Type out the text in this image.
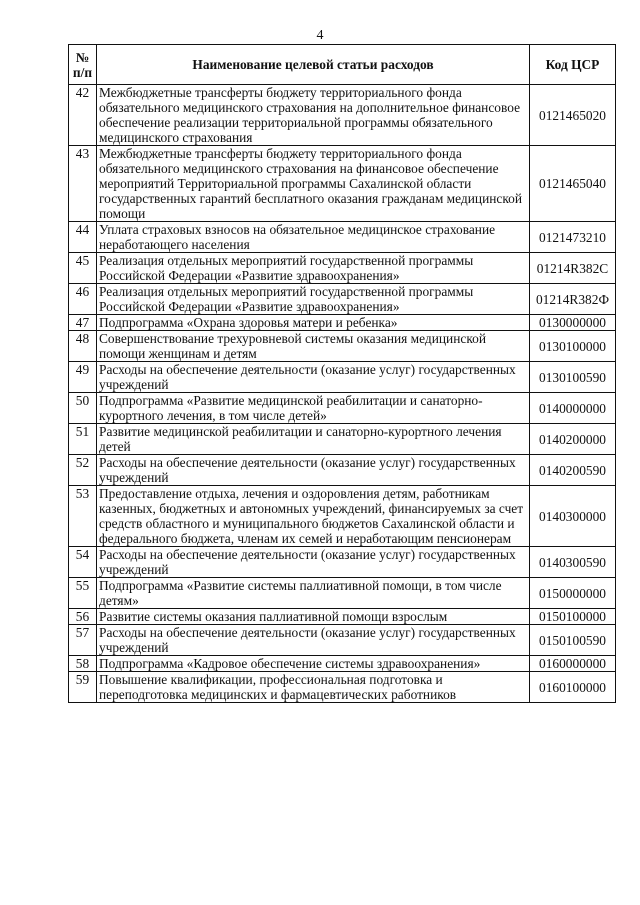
4
№ п/п	Наименование целевой статьи расходов	Код ЦСР
42	Межбюджетные трансферты бюджету территориального фонда обязательного медицинского страхования на дополнительное финансовое обеспечение реализации территориальной программы обязательного медицинского страхования	0121465020
43	Межбюджетные трансферты бюджету территориального фонда обязательного медицинского страхования на финансовое обеспечение мероприятий Территориальной программы Сахалинской области государственных гарантий бесплатного оказания гражданам медицинской помощи	0121465040
44	Уплата страховых взносов на обязательное медицинское страхование неработающего населения	0121473210
45	Реализация отдельных мероприятий государственной программы Российской Федерации «Развитие здравоохранения»	01214R382C
46	Реализация отдельных мероприятий государственной программы Российской Федерации «Развитие здравоохранения»	01214R382Ф
47	Подпрограмма «Охрана здоровья матери и ребенка»	0130000000
48	Совершенствование трехуровневой системы оказания медицинской помощи женщинам и детям	0130100000
49	Расходы на обеспечение деятельности (оказание услуг) государственных учреждений	0130100590
50	Подпрограмма «Развитие медицинской реабилитации и санаторно-курортного лечения, в том числе детей»	0140000000
51	Развитие медицинской реабилитации и санаторно-курортного лечения детей	0140200000
52	Расходы на обеспечение деятельности (оказание услуг) государственных учреждений	0140200590
53	Предоставление отдыха, лечения и оздоровления детям, работникам казенных, бюджетных и автономных учреждений, финансируемых за счет средств областного и муниципального бюджетов Сахалинской области и федерального бюджета, членам их семей и неработающим пенсионерам	0140300000
54	Расходы на обеспечение деятельности (оказание услуг) государственных учреждений	0140300590
55	Подпрограмма «Развитие системы паллиативной помощи, в том числе детям»	0150000000
56	Развитие системы оказания паллиативной помощи взрослым	0150100000
57	Расходы на обеспечение деятельности (оказание услуг) государственных учреждений	0150100590
58	Подпрограмма «Кадровое обеспечение системы здравоохранения»	0160000000
59	Повышение квалификации, профессиональная подготовка и переподготовка медицинских и фармацевтических работников	0160100000
